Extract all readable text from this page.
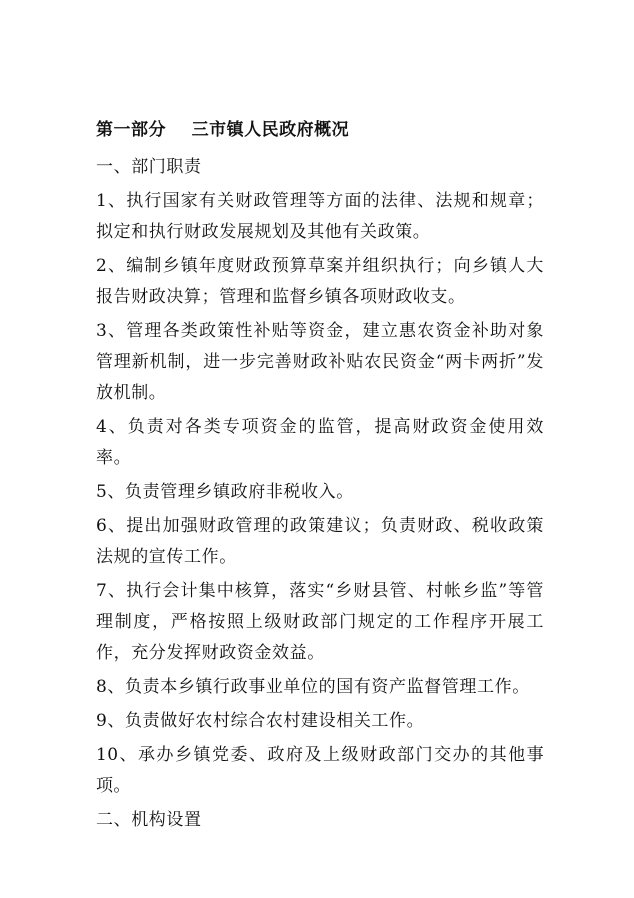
第一部分    三市镇人民政府概况
一、部门职责
1、执行国家有关财政管理等方面的法律、法规和规章；拟定和执行财政发展规划及其他有关政策。
2、编制乡镇年度财政预算草案并组织执行；向乡镇人大报告财政决算；管理和监督乡镇各项财政收支。
3、管理各类政策性补贴等资金，建立惠农资金补助对象管理新机制，进一步完善财政补贴农民资金“两卡两折”发放机制。
4、负责对各类专项资金的监管，提高财政资金使用效率。
5、负责管理乡镇政府非税收入。
6、提出加强财政管理的政策建议；负责财政、税收政策法规的宣传工作。
7、执行会计集中核算，落实“乡财县管、村帐乡监”等管理制度，严格按照上级财政部门规定的工作程序开展工作，充分发挥财政资金效益。
8、负责本乡镇行政事业单位的国有资产监督管理工作。
9、负责做好农村综合农村建设相关工作。
10、承办乡镇党委、政府及上级财政部门交办的其他事项。
二、机构设置
